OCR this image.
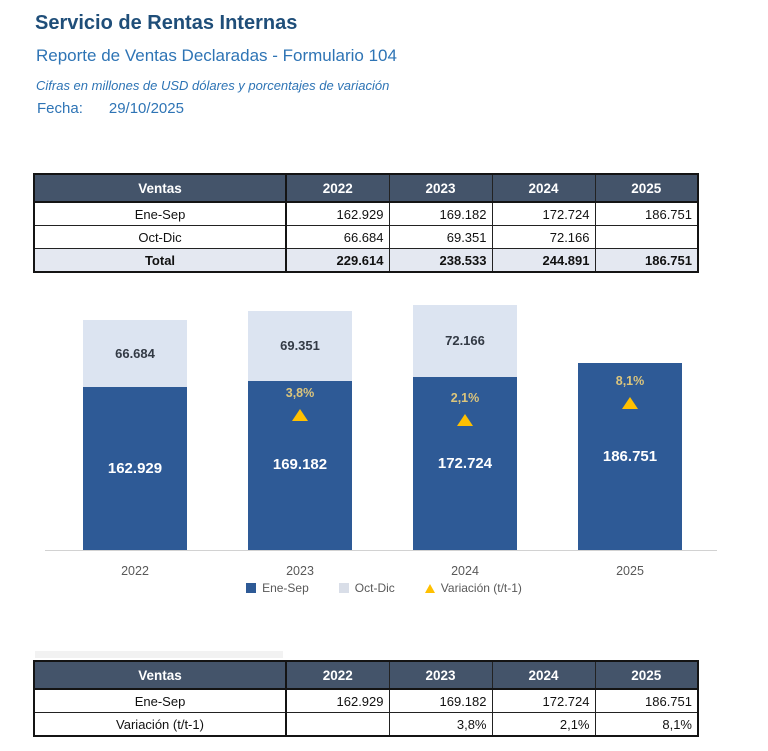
Servicio de Rentas Internas
Reporte de Ventas Declaradas - Formulario 104
Cifras en millones de USD dólares y porcentajes de variación
Fecha: 29/10/2025
Ventas	2022	2023	2024	2025
Ene-Sep	162.929	169.182	172.724	186.751
Oct-Dic	66.684	69.351	72.166	
Total	229.614	238.533	244.891	186.751
162.929
66.684
2022
169.182
69.351
3,8%
2023
172.724
72.166
2,1%
2024
186.751
8,1%
2025
Ene-Sep	Oct-Dic	Variación (t/t-1)
Ventas	2022	2023	2024	2025
Ene-Sep	162.929	169.182	172.724	186.751
Variación (t/t-1)		3,8%	2,1%	8,1%
